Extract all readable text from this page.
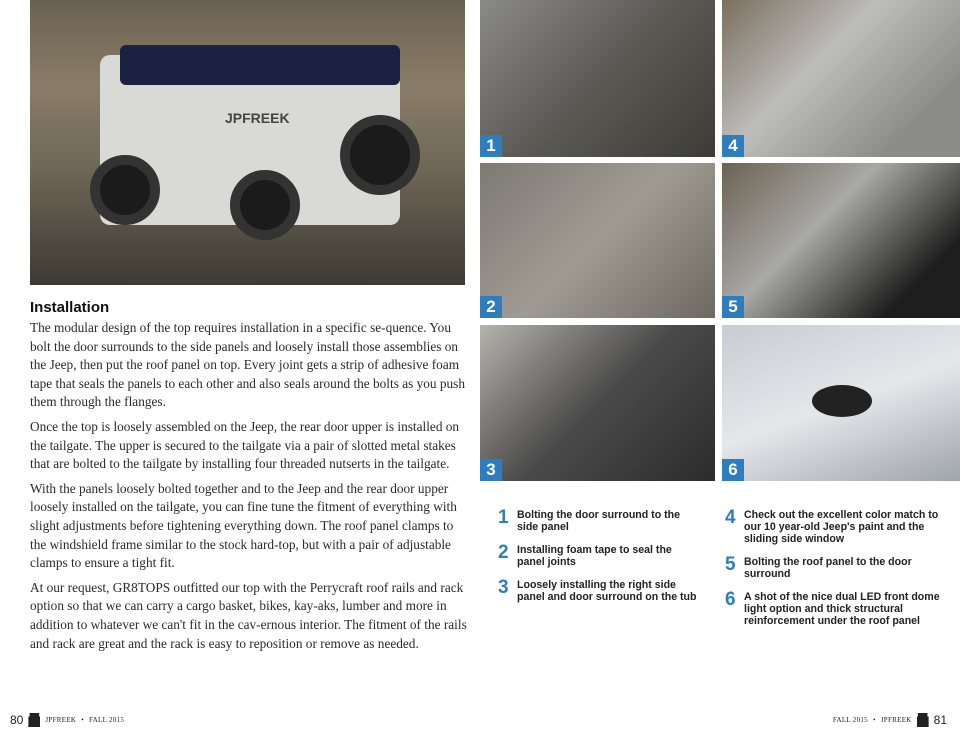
JPFREEK
1
2
3
4
5
6
Installation

The modular design of the top requires installation in a specific se-quence. You bolt the door surrounds to the side panels and loosely install those assemblies on the Jeep, then put the roof panel on top. Every joint gets a strip of adhesive foam tape that seals the panels to each other and also seals around the bolts as you push them through the flanges.

Once the top is loosely assembled on the Jeep, the rear door upper is installed on the tailgate. The upper is secured to the tailgate via a pair of slotted metal stakes that are bolted to the tailgate by installing four threaded nutserts in the tailgate.

With the panels loosely bolted together and to the Jeep and the rear door upper loosely installed on the tailgate, you can fine tune the fitment of everything with slight adjustments before tightening everything down. The roof panel clamps to the windshield frame similar to the stock hard-top, but with a pair of adjustable clamps to ensure a tight fit.

At our request, GR8TOPS outfitted our top with the Perrycraft roof rails and rack option so that we can carry a cargo basket, bikes, kay-aks, lumber and more in addition to whatever we can't fit in the cav-ernous interior. The fitment of the rails and rack are great and the rack is easy to reposition or remove as needed.

1 Bolting the door surround to the side panel
2 Installing foam tape to seal the panel joints
3 Loosely installing the right side panel and door surround on the tub
4 Check out the excellent color match to our 10 year-old Jeep's paint and the sliding side window
5 Bolting the roof panel to the door surround
6 A shot of the nice dual LED front dome light option and thick structural reinforcement under the roof panel
80	JPFREEK • FALL 2015	FALL 2015 • JPFREEK 81
